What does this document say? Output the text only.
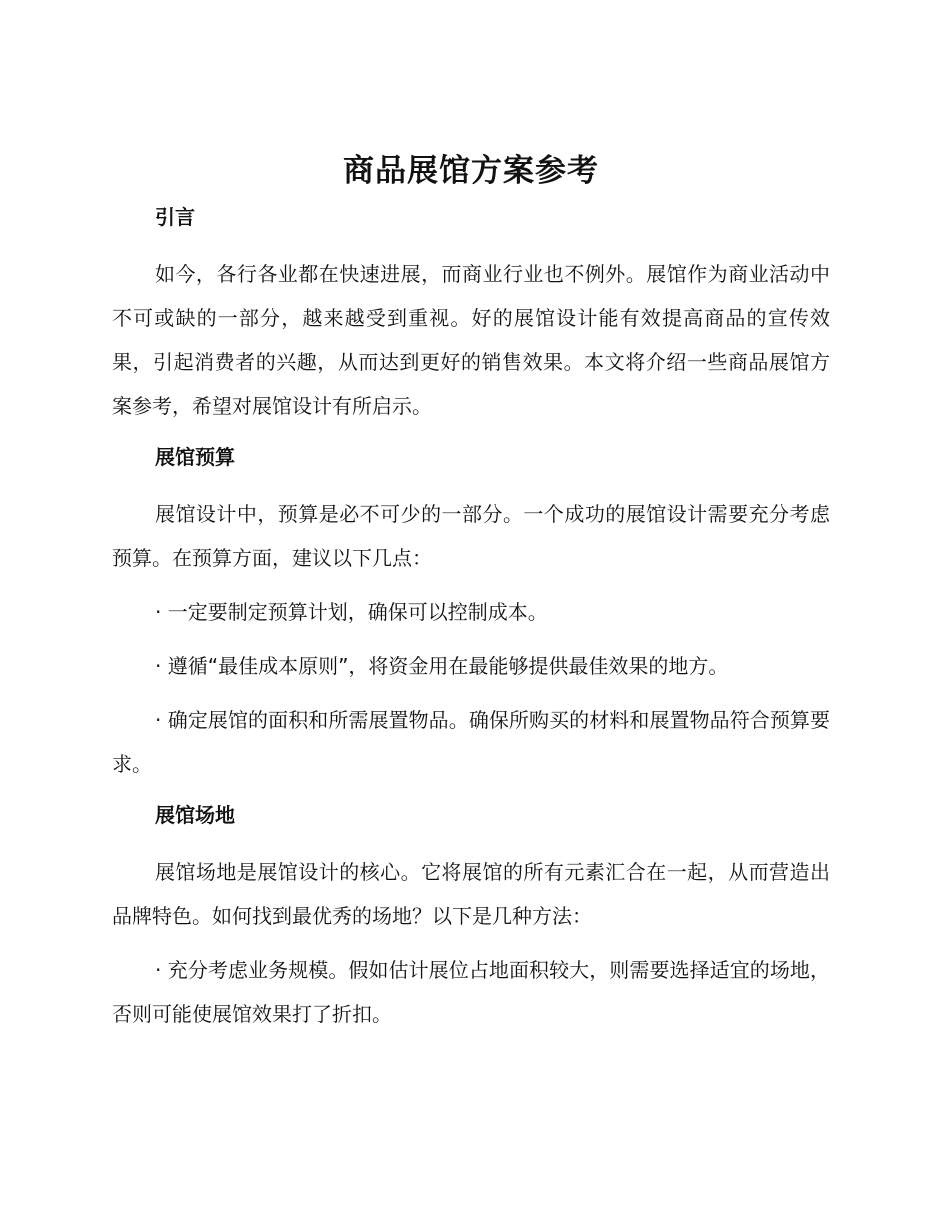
商品展馆方案参考
引言

如今，各行各业都在快速进展，而商业行业也不例外。展馆作为商业活动中不可或缺的一部分，越来越受到重视。好的展馆设计能有效提高商品的宣传效果，引起消费者的兴趣，从而达到更好的销售效果。本文将介绍一些商品展馆方案参考，希望对展馆设计有所启示。

展馆预算

展馆设计中，预算是必不可少的一部分。一个成功的展馆设计需要充分考虑预算。在预算方面，建议以下几点：

· 一定要制定预算计划，确保可以控制成本。

· 遵循“最佳成本原则”，将资金用在最能够提供最佳效果的地方。

· 确定展馆的面积和所需展置物品。确保所购买的材料和展置物品符合预算要求。

展馆场地

展馆场地是展馆设计的核心。它将展馆的所有元素汇合在一起，从而营造出品牌特色。如何找到最优秀的场地？以下是几种方法：

· 充分考虑业务规模。假如估计展位占地面积较大，则需要选择适宜的场地，否则可能使展馆效果打了折扣。
